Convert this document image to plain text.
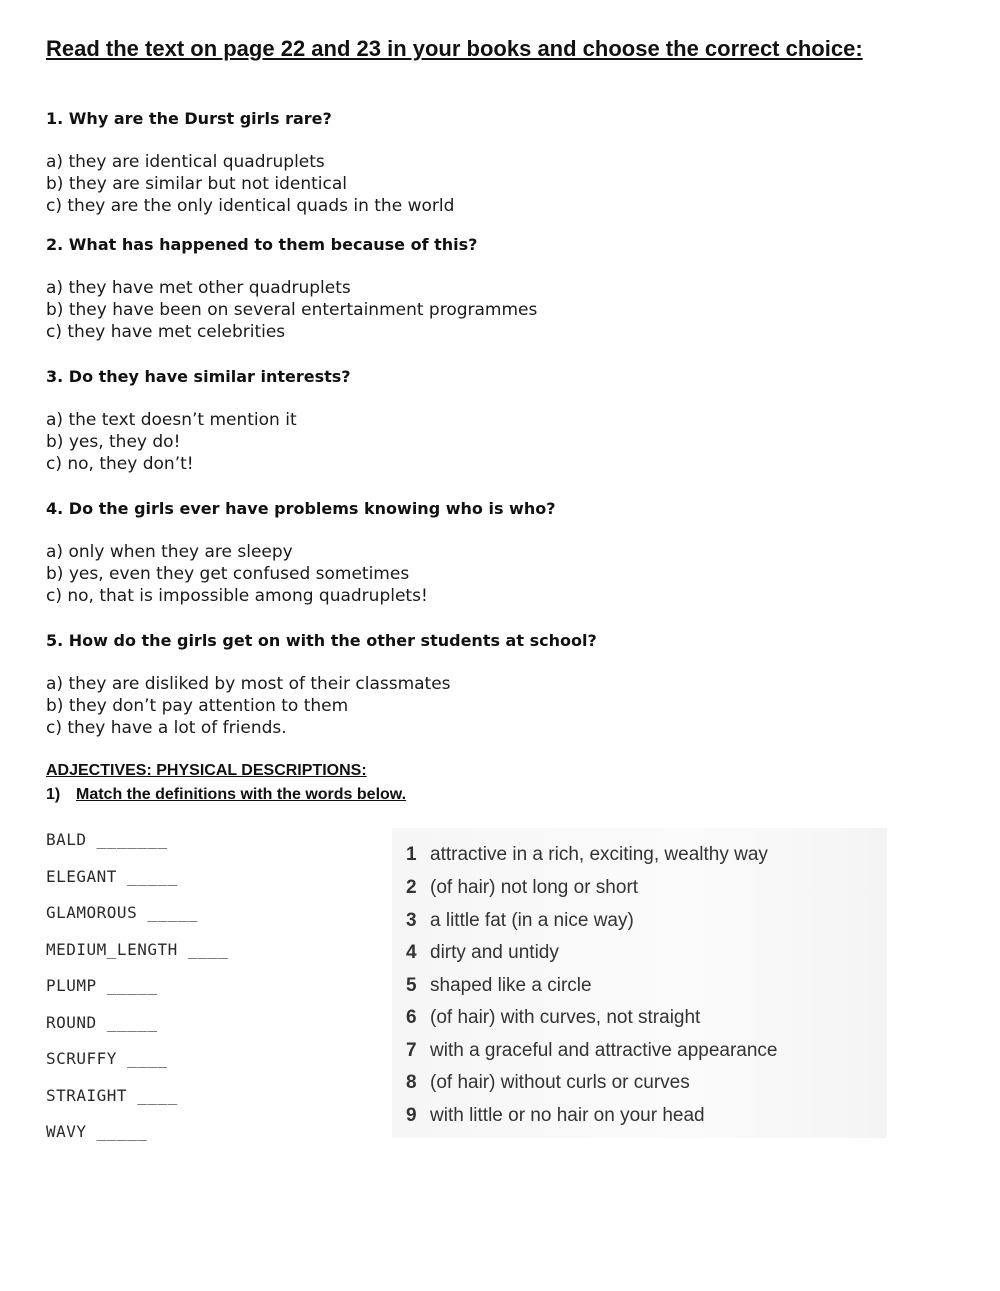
Read the text on page 22 and 23 in your books and choose the correct choice:

1. Why are the Durst girls rare?

a) they are identical quadruplets
b) they are similar but not identical
c) they are the only identical quads in the world

2. What has happened to them because of this?

a) they have met other quadruplets
b) they have been on several entertainment programmes
c) they have met celebrities

3. Do they have similar interests?

a) the text doesn’t mention it
b) yes, they do!
c) no, they don’t!

4. Do the girls ever have problems knowing who is who?

a) only when they are sleepy
b) yes, even they get confused sometimes
c) no, that is impossible among quadruplets!

5. How do the girls get on with the other students at school?

a) they are disliked by most of their classmates
b) they don’t pay attention to them
c) they have a lot of friends.

ADJECTIVES: PHYSICAL DESCRIPTIONS:

1) Match the definitions with the words below.

BALD _______
ELEGANT _____
GLAMOROUS _____
MEDIUM_LENGTH ____
PLUMP _____
ROUND _____
SCRUFFY ____
STRAIGHT ____
WAVY _____
1 attractive in a rich, exciting, wealthy way
2 (of hair) not long or short
3 a little fat (in a nice way)
4 dirty and untidy
5 shaped like a circle
6 (of hair) with curves, not straight
7 with a graceful and attractive appearance
8 (of hair) without curls or curves
9 with little or no hair on your head
